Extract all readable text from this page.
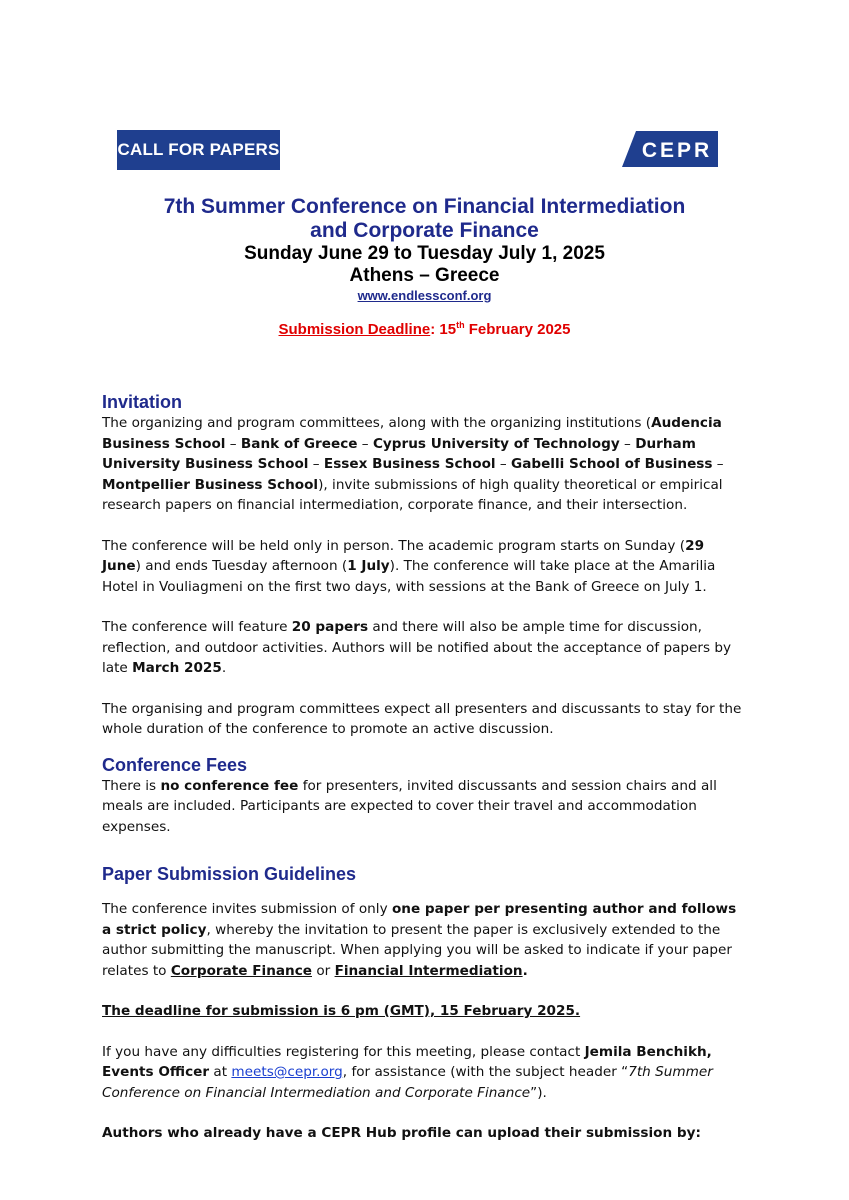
CALL FOR PAPERS	CEPR
7th Summer Conference on Financial Intermediation
and Corporate Finance
Sunday June 29 to Tuesday July 1, 2025
Athens – Greece
www.endlessconf.org
Submission Deadline: 15th February 2025
Invitation

The organizing and program committees, along with the organizing institutions (Audencia Business School – Bank of Greece – Cyprus University of Technology – Durham University Business School – Essex Business School – Gabelli School of Business – Montpellier Business School), invite submissions of high quality theoretical or empirical research papers on financial intermediation, corporate finance, and their intersection.

The conference will be held only in person. The academic program starts on Sunday (29 June) and ends Tuesday afternoon (1 July). The conference will take place at the Amarilia Hotel in Vouliagmeni on the first two days, with sessions at the Bank of Greece on July 1.

The conference will feature 20 papers and there will also be ample time for discussion, reflection, and outdoor activities. Authors will be notified about the acceptance of papers by late March 2025.

The organising and program committees expect all presenters and discussants to stay for the whole duration of the conference to promote an active discussion.

Conference Fees

There is no conference fee for presenters, invited discussants and session chairs and all meals are included. Participants are expected to cover their travel and accommodation expenses.

Paper Submission Guidelines

The conference invites submission of only one paper per presenting author and follows a strict policy, whereby the invitation to present the paper is exclusively extended to the author submitting the manuscript. When applying you will be asked to indicate if your paper relates to Corporate Finance or Financial Intermediation.

The deadline for submission is 6 pm (GMT), 15 February 2025.

If you have any difficulties registering for this meeting, please contact Jemila Benchikh, Events Officer at meets@cepr.org, for assistance (with the subject header “7th Summer Conference on Financial Intermediation and Corporate Finance”).

Authors who already have a CEPR Hub profile can upload their submission by:
